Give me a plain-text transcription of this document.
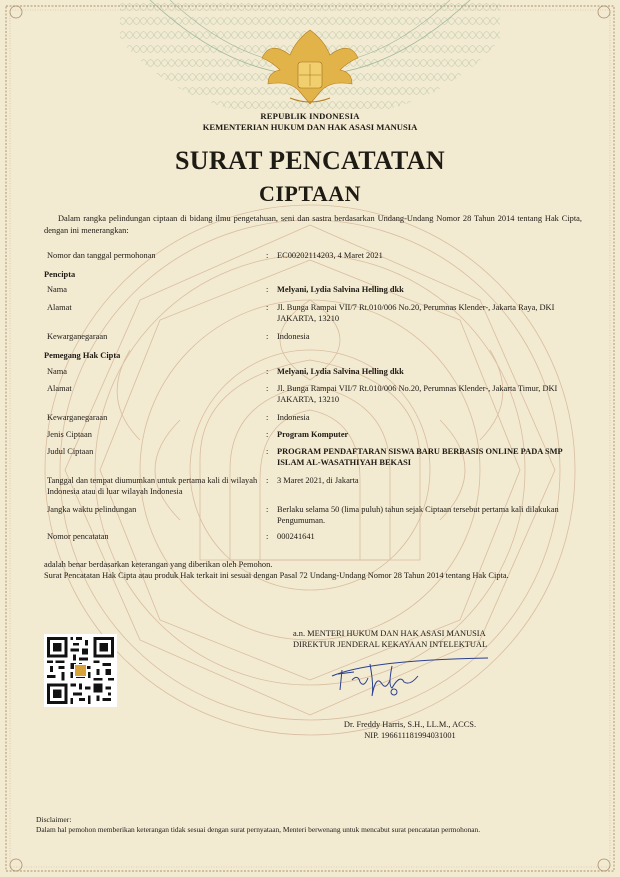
REPUBLIK INDONESIA
KEMENTERIAN HUKUM DAN HAK ASASI MANUSIA
SURAT PENCATATAN
CIPTAAN
Dalam rangka pelindungan ciptaan di bidang ilmu pengetahuan, seni dan sastra berdasarkan Undang-Undang Nomor 28 Tahun 2014 tentang Hak Cipta, dengan ini menerangkan:
Nomor dan tanggal permohonan	: EC00202114203, 4 Maret 2021
Pencipta
Nama	: Melyani, Lydia Salvina Helling dkk
Alamat	: Jl. Bunga Rampai VII/7 Rt.010/006 No.20, Perumnas Klender-, Jakarta Raya, DKI JAKARTA, 13210
Kewarganegaraan	: Indonesia
Pemegang Hak Cipta
Nama	: Melyani, Lydia Salvina Helling dkk
Alamat	: Jl. Bunga Rampai VII/7 Rt.010/006 No.20, Perumnas Klender-, Jakarta Timur, DKI JAKARTA, 13210
Kewarganegaraan	: Indonesia
Jenis Ciptaan	: Program Komputer
Judul Ciptaan	: PROGRAM PENDAFTARAN SISWA BARU BERBASIS ONLINE PADA SMP ISLAM AL-WASATHIYAH BEKASI
Tanggal dan tempat diumumkan untuk pertama kali di wilayah Indonesia atau di luar wilayah Indonesia
: 3 Maret 2021, di Jakarta
Jangka waktu pelindungan	: Berlaku selama 50 (lima puluh) tahun sejak Ciptaan tersebut pertama kali dilakukan Pengumuman.
Nomor pencatatan	: 000241641
adalah benar berdasarkan keterangan yang diberikan oleh Pemohon.
Surat Pencatatan Hak Cipta atau produk Hak terkait ini sesuai dengan Pasal 72 Undang-Undang Nomor 28 Tahun 2014 tentang Hak Cipta.
a.n. MENTERI HUKUM DAN HAK ASASI MANUSIA
DIREKTUR JENDERAL KEKAYAAN INTELEKTUAL
Dr. Freddy Harris, S.H., LL.M., ACCS.
NIP. 196611181994031001
Disclaimer:
Dalam hal pemohon memberikan keterangan tidak sesuai dengan surat pernyataan, Menteri berwenang untuk mencabut surat pencatatan permohonan.
